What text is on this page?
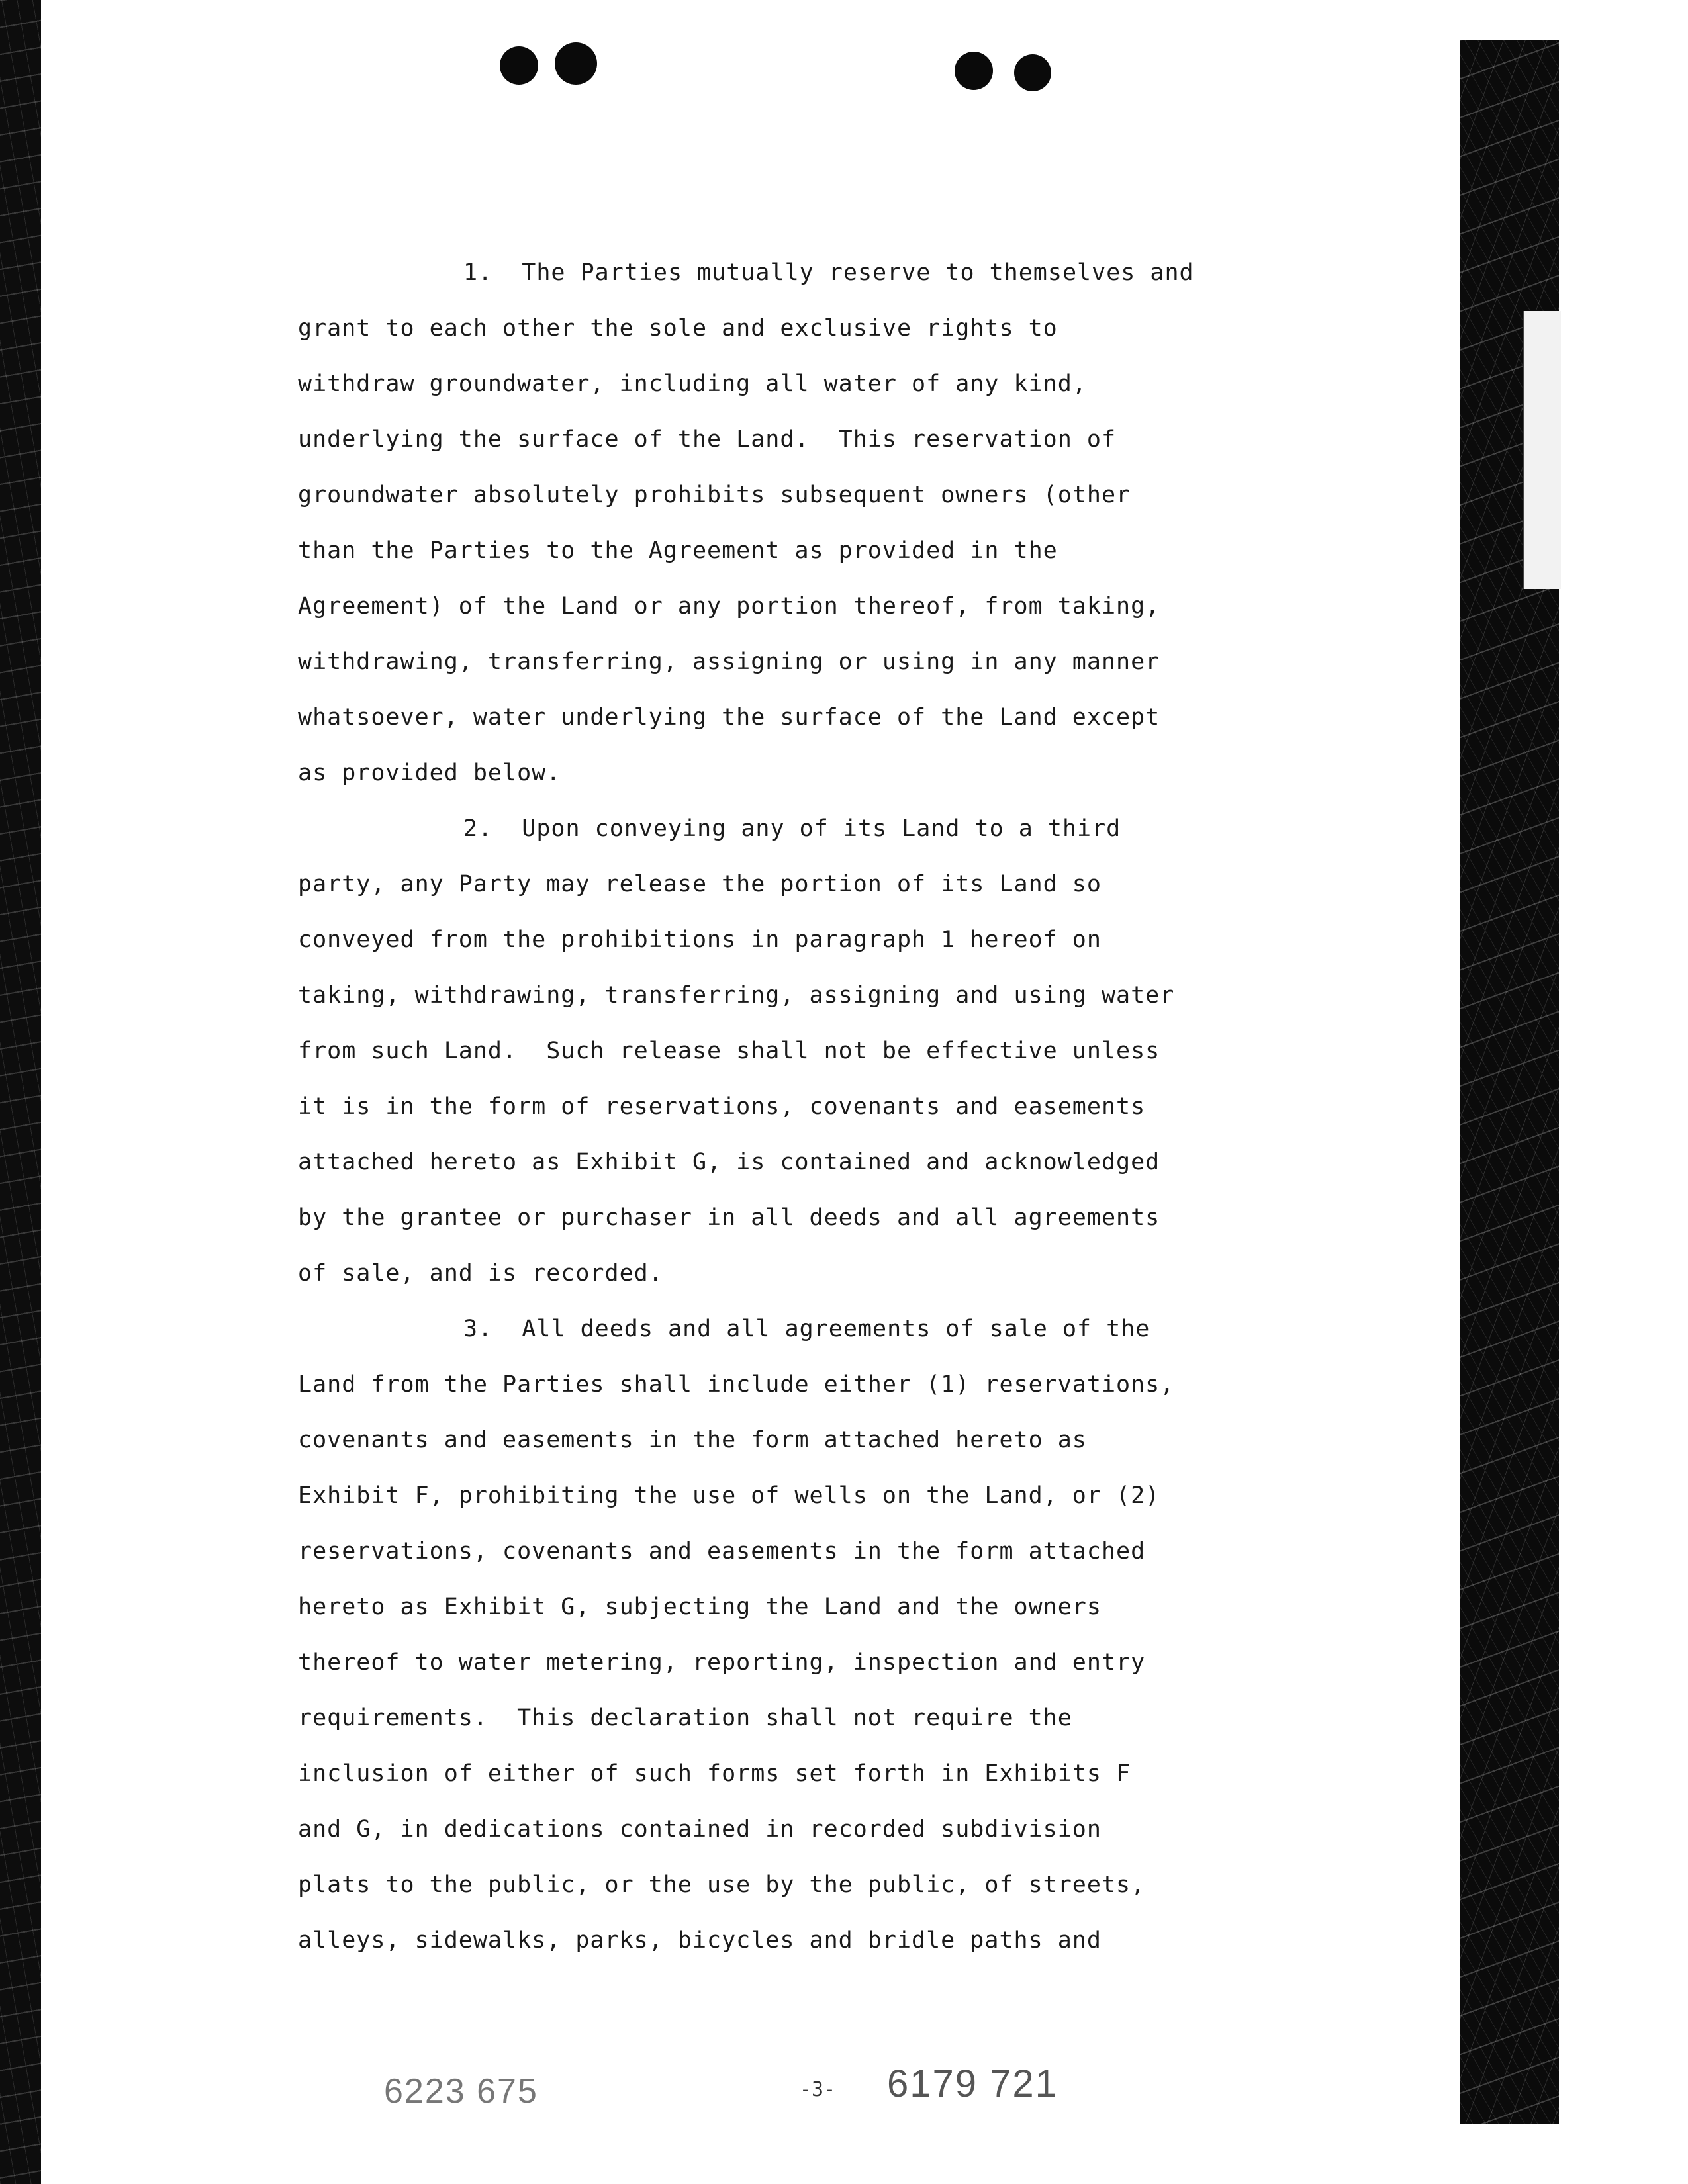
1.  The Parties mutually reserve to themselves and
grant to each other the sole and exclusive rights to
withdraw groundwater, including all water of any kind,
underlying the surface of the Land.  This reservation of
groundwater absolutely prohibits subsequent owners (other
than the Parties to the Agreement as provided in the
Agreement) of the Land or any portion thereof, from taking,
withdrawing, transferring, assigning or using in any manner
whatsoever, water underlying the surface of the Land except
as provided below.
2.  Upon conveying any of its Land to a third
party, any Party may release the portion of its Land so
conveyed from the prohibitions in paragraph 1 hereof on
taking, withdrawing, transferring, assigning and using water
from such Land.  Such release shall not be effective unless
it is in the form of reservations, covenants and easements
attached hereto as Exhibit G, is contained and acknowledged
by the grantee or purchaser in all deeds and all agreements
of sale, and is recorded.
3.  All deeds and all agreements of sale of the
Land from the Parties shall include either (1) reservations,
covenants and easements in the form attached hereto as
Exhibit F, prohibiting the use of wells on the Land, or (2)
reservations, covenants and easements in the form attached
hereto as Exhibit G, subjecting the Land and the owners
thereof to water metering, reporting, inspection and entry
requirements.  This declaration shall not require the
inclusion of either of such forms set forth in Exhibits F
and G, in dedications contained in recorded subdivision
plats to the public, or the use by the public, of streets,
alleys, sidewalks, parks, bicycles and bridle paths and
6223 675	-3-	6179 721
